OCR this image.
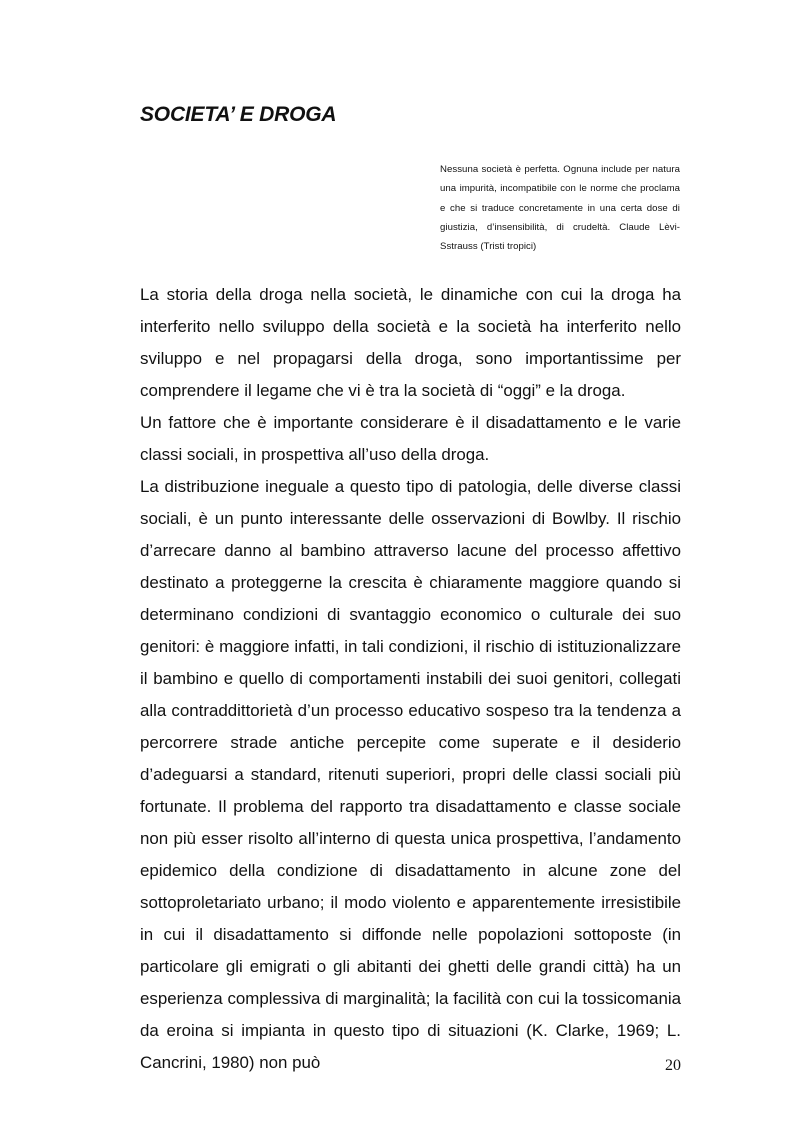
SOCIETA’ E DROGA

Nessuna società è perfetta. Ognuna include per natura una impurità, incompatibile con le norme che proclama e che si traduce concretamente in una certa dose di giustizia, d’insensibilità, di crudeltà. Claude Lèvi-Sstrauss (Tristi tropici)

La storia della droga nella società, le dinamiche con cui la droga ha interferito nello sviluppo della società e la società ha interferito nello sviluppo e nel propagarsi della droga, sono importantissime per comprendere il legame che vi è tra la società di “oggi” e la droga.

Un fattore che è importante considerare è il disadattamento e le varie classi sociali, in prospettiva all’uso della droga.

La distribuzione ineguale a questo tipo di patologia, delle diverse classi sociali, è un punto interessante delle osservazioni di Bowlby. Il rischio d’arrecare danno al bambino attraverso lacune del processo affettivo destinato a proteggerne la crescita è chiaramente maggiore quando si determinano condizioni di svantaggio economico o culturale dei suo genitori: è maggiore infatti, in tali condizioni, il rischio di istituzionalizzare il bambino e quello di comportamenti instabili dei suoi genitori, collegati alla contraddittorietà d’un processo educativo sospeso tra la tendenza a percorrere strade antiche percepite come superate e il desiderio d’adeguarsi a standard, ritenuti superiori, propri delle classi sociali più fortunate. Il problema del rapporto tra disadattamento e classe sociale non più esser risolto all’interno di questa unica prospettiva, l’andamento epidemico della condizione di disadattamento in alcune zone del sottoproletariato urbano; il modo violento e apparentemente irresistibile in cui il disadattamento si diffonde nelle popolazioni sottoposte (in particolare gli emigrati o gli abitanti dei ghetti delle grandi città) ha un esperienza complessiva di marginalità; la facilità con cui la tossicomania da eroina si impianta in questo tipo di situazioni (K. Clarke, 1969; L. Cancrini, 1980) non può	20
